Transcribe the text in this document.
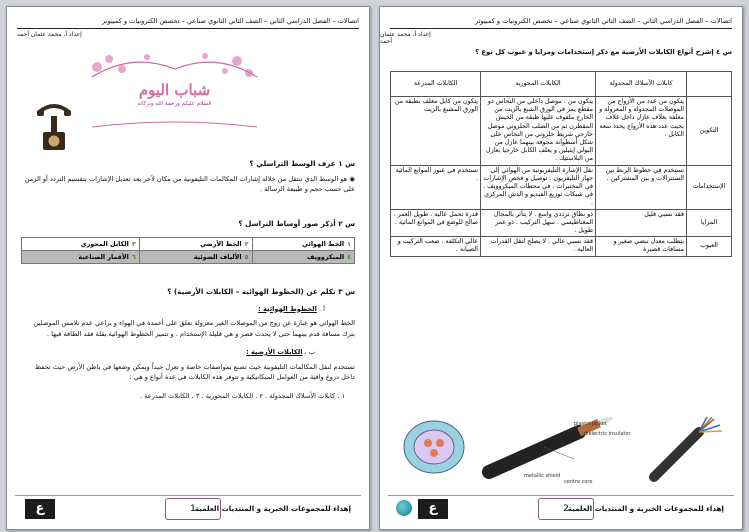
اتصالات – الفصل الدراسي الثاني – الصف الثاني الثانوي صناعي – تخصص الكترونيات و كمبيوتر
إعداد أ. محمد عثمان أحمد
شباب اليوم
السلام عليكم ورحمة الله وبركاته
س ١ عرف الوسط التراسلي ؟
◉ هو الوسط الذي تنتقل من خلاله إشارات المكالمات التليفونية من مكان لآخر بعد تعديل الإشارات بتقسيم التردد أو الزمن على حسب حجم و طبيعة الرسالة .
س ٢ أذكر صور أوساط التراسل ؟
١الخط الهوائي	٢الخط الأرضي	٣الكابل المحوري
٤الميكروويف	٥الألياف الضوئية	٦الأقمار الصناعية
س ٣ تكلم عن (الخطوط الهوائية – الكابلات الأرضية) ؟
أ . الخطوط الهوائية :
الخط الهوائي هو عبارة عن زوج من الموصلات الغير معزولة تعلق على أعمدة في الهواء و يراعي عدم تلامس الموصلين بترك مسافة قدم بينهما حتى لا يحدث قصر و هي قليلة الإستخدام . و تتميز الخطوط الهوائية بقلة فقد الطاقة فيها .
ب . الكابلات الأرضية :
تستخدم لنقل المكالمات التليفونية حيث تصنع بمواصفات خاصة و تعزل جيداً ويمكن وضعها في باطن الأرض حيث تحفظ داخل دروع واقية من العوامل الميكانيكية و تتوفر هذه الكابلات في عدة أنواع و هي :
١ . كابلات الأسلاك المجدولة . ٢ . الكابلات المحورية . ٣ . الكابلات المدرعة .
ع	1
إهداء للمجموعات الخبرية و المنتديات العلمية
اتصالات – الفصل الدراسي الثاني – الصف الثاني الثانوي صناعي – تخصص الكترونيات و كمبيوتر
إعداد أ. محمد عثمان أحمد
س ٤ إشرح أنواع الكابلات الأرضية مع ذكر إستخدامات ومزايا و عيوب كل نوع ؟
	كابلات الأسلاك المجدولة	الكابلات المحورية	الكابلات المدرعة
التكوين	يتكون من عدد من الأزواج من الموصلات المجدولة و المعزولة و مغلفة بغلاف عازل داخل غلاف بحيث عدد هذه الأزواج يحدد سعة الكابل .	يتكون من : موصل داخلي من النحاس ذو مقطع يمر في الورق الشبع بالزيت من الخارج ملفوف عليها طبقة من الخيش المقطرن ثم من الصلب الحلزوني موصل خارجي شريط حلزوني من النحاس على شكل أسطوانة مجوفة بينهما عازل من البولي إيثيلين و يغلف الكابل خارجيا بعازل من البلاستيك .	يتكون من كابل مغلف بطبقة من الورق المشبع بالزيت
الإستخدامات	تستخدم في خطوط الربط بين السنترالات و بين المشتركين .	نقل الإشارة التليفزيونية من الهوائي إلى جهاز التليفزيون . توصيل و فحص الإشارات في المختبرات . في محطات الميكروويف . في شبكات توزيع الفيديو و الدش المركزي .	تستخدم في عبور الموانع المائية .
المزايا	فقد نسبي قليل	ذو نطاق ترددي واسع . لا يتأثر بالمجال المغناطيسي . سهل التركيب . ذو عمر طويل .	قدرة تحمل عالية . طويل العمر . صالح للوضع في الموانع المائية .
العيوب	يتطلب معدل نبضي صغير و مسافات قصيرة	فقد نسبي عالي . لا يصلح لنقل القدرات العالية .	عالي التكلفة . صعب التركيب و الصيانة .
plastic jacket
dielectric insulator
metallic shield
centre core
ع	2
إهداء للمجموعات الخبرية و المنتديات العلمية
